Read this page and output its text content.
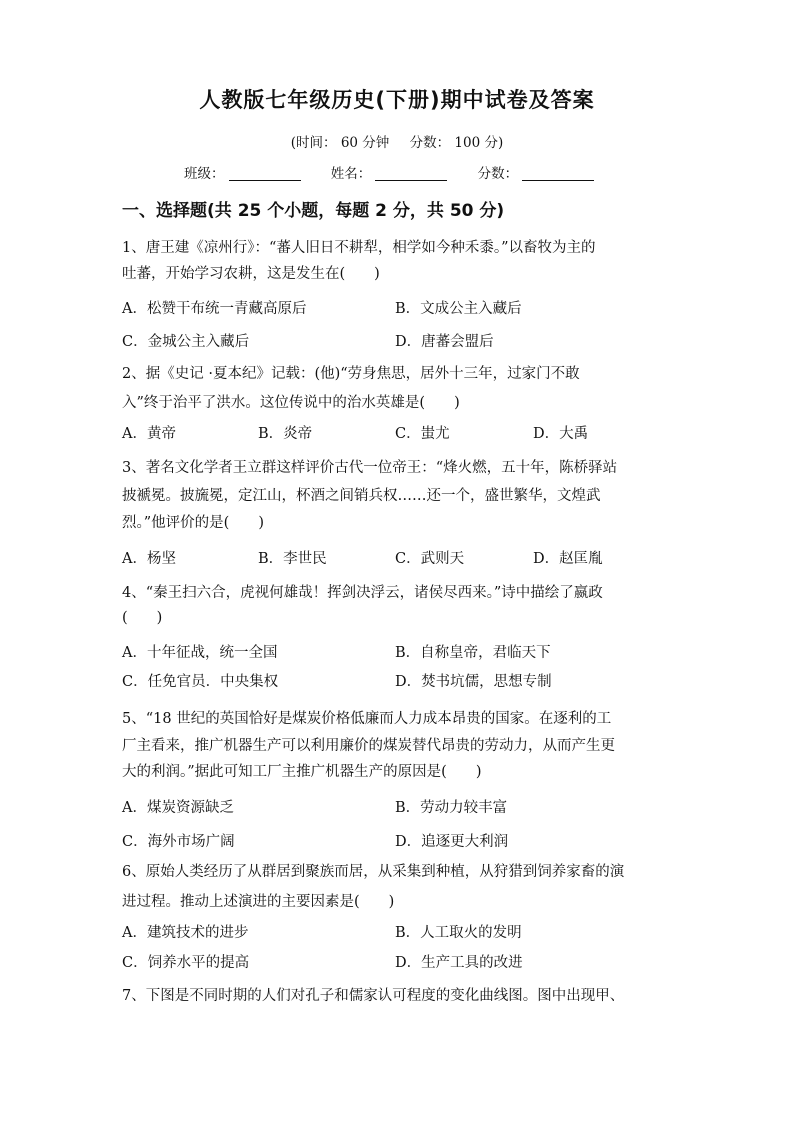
人教版七年级历史(下册)期中试卷及答案
(时间： 60 分钟 分数： 100 分)
班级：	姓名：	分数：
一、选择题(共 25 个小题，每题 2 分，共 50 分)
1、唐王建《凉州行》：“蕃人旧日不耕犁，相学如今种禾黍。”以畜牧为主的
吐蕃，开始学习农耕，这是发生在(　　)
A．松赞干布统一青藏高原后	B．文成公主入藏后
C．金城公主入藏后	D．唐蕃会盟后
2、据《史记 ·夏本纪》记载：(他)“劳身焦思，居外十三年，过家门不敢
入”终于治平了洪水。这位传说中的治水英雄是(　　)
A．黄帝	B．炎帝	C．蚩尤	D．大禹
3、著名文化学者王立群这样评价古代一位帝王：“烽火燃，五十年，陈桥驿站
披褫冕。披旒冕，定江山，杯酒之间销兵权……还一个，盛世繁华，文煌武
烈。”他评价的是(　　)
A．杨坚	B．李世民	C．武则天	D．赵匡胤
4、“秦王扫六合，虎视何雄哉！挥剑决浮云，诸侯尽西来。”诗中描绘了嬴政
(　　)
A．十年征战，统一全国	B．自称皇帝，君临天下
C．任免官员．中央集权	D．焚书坑儒，思想专制
5、“18 世纪的英国恰好是煤炭价格低廉而人力成本昂贵的国家。在逐利的工
厂主看来，推广机器生产可以利用廉价的煤炭替代昂贵的劳动力，从而产生更
大的利润。”据此可知工厂主推广机器生产的原因是(　　)
A．煤炭资源缺乏	B．劳动力较丰富
C．海外市场广阔	D．追逐更大利润
6、原始人类经历了从群居到聚族而居，从采集到种植，从狩猎到饲养家畜的演
进过程。推动上述演进的主要因素是(　　)
A．建筑技术的进步	B．人工取火的发明
C．饲养水平的提高	D．生产工具的改进
7、下图是不同时期的人们对孔子和儒家认可程度的变化曲线图。图中出现甲、
